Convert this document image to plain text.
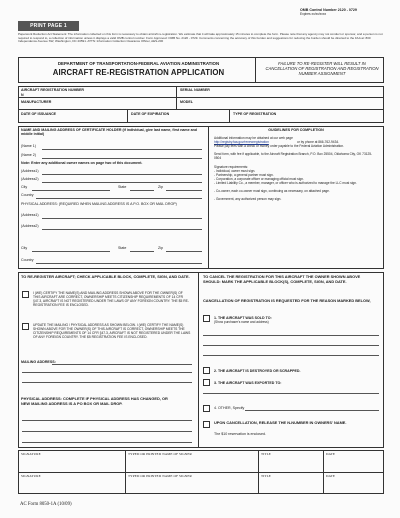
OMB Control Number 2120 - 0729
Expires xx/xx/xxxx
PRINT PAGE 1
Paperwork Reduction Act Statement: The information collected on this form is necessary to obtain aircraft re-registration. We estimate that it will take approximately 15 minutes to complete the form. Please note that any agency may not conduct or sponsor, and a person is not required to respond to, a collection of information unless it displays a valid OMB control number. Form Approved: OMB No. 2120 - 0729. Comments concerning the accuracy of this burden and suggestions for reducing the burden should be directed to the FAA at: 800 Independence Avenue SW, Washington, DC 20591. ATTN: Information Collection Clearance Officer, AES-200
DEPARTMENT OF TRANSPORTATION-FEDERAL AVIATION ADMINISTRATION
AIRCRAFT RE-REGISTRATION APPLICATION
FAILURE TO RE-REGISTER WILL RESULT IN CANCELLATION OF REGISTRATION AND REGISTRATION NUMBER ASSIGNMENT
AIRCRAFT REGISTRATION NUMBER
N
SERIAL NUMBER
MANUFACTURER	MODEL
DATE OF ISSUANCE	DATE OF EXPIRATION	TYPE OF REGISTRATION
NAME AND MAILING ADDRESS OF CERTIFICATE HOLDER (if individual, give last name, first name and middle initial)
(Name 1)
(Name 2)
Note: Enter any additional owner names on page two of this document.
(Address1)
(Address2)
City	State	Zip
Country
PHYSICAL ADDRESS: (REQUIRED WHEN MAILING ADDRESS IS A P.O. BOX OR MAIL DROP)
(Address1)
(Address2)
City	State	Zip
Country
GUIDELINES FOR COMPLETION
Additional information may be obtained at our web page
http://registry.faa.gov/renewregistration	or by phone at 866-762-9434.
Please pay fees with a check or money order payable to the Federal Aviation Administration.
Send form, with fee if applicable, to the Aircraft Registration Branch, P.O. Box 25504, Oklahoma City, OK 73125-0504
Signature requirements:
- Individual, owner must sign.
- Partnership, a general partner must sign.
- Corporation, a corporate officer or managing official must sign.
- Limited Liability Co., a member, manager, or officer who is authorized to manage the LLC must sign.
- Co-owner, each co-owner must sign, continuing as necessary, on attached page.
- Government, any authorized person may sign.
TO RE-REGISTER AIRCRAFT; CHECK APPLICABLE BLOCK, COMPLETE, SIGN, AND DATE.
I (WE) CERTIFY THE NAME(S) AND MAILING ADDRESS SHOWN ABOVE FOR THE OWNER(S) OF THIS AIRCRAFT ARE CORRECT, OWNERSHIP MEETS CITIZENSHIP REQUIREMENTS OF 14 CFR §47.3, AIRCRAFT IS NOT REGISTERED UNDER THE LAWS OF ANY FOREIGN COUNTRY. THE $5 RE-REGISTRATION FEE IS ENCLOSED.
UPDATE THE MAILING / PHYSICAL ADDRESS AS SHOWN BELOW. I (WE) CERTIFY THE NAME(S) SHOWN ABOVE FOR THE OWNER(S) OF THIS AIRCRAFT IS CORRECT, OWNERSHIP MEETS THE CITIZENSHIP REQUIREMENTS OF 14 CFR §47.3, AIRCRAFT IS NOT REGISTERED UNDER THE LAWS OF ANY FOREIGN COUNTRY. THE $5 REGISTRATION FEE IS ENCLOSED.
MAILING ADDRESS:
PHYSICAL ADDRESS: COMPLETE IF PHYSICAL ADDRESS HAS CHANGED, OR NEW MAILING ADDRESS IS A PO BOX OR MAIL DROP.
TO CANCEL THE REGISTRATION FOR THIS AIRCRAFT THE OWNER SHOWN ABOVE SHOULD: MARK THE APPLICABLE BLOCK(S), COMPLETE, SIGN, AND DATE.
CANCELLATION OF REGISTRATION IS REQUESTED FOR THE REASON MARKED BELOW,
1. THE AIRCRAFT WAS SOLD TO:
(Show purchaser's name and address)
2. THE AIRCRAFT IS DESTROYED OR SCRAPPED.
3. THE AIRCRAFT WAS EXPORTED TO:
4. OTHER, Specify
UPON CANCELLATION, RELEASE THE N-NUMBER IN OWNERS' NAME.
The $10 reservation is enclosed.
SIGNATURE	TYPED OR PRINTED NAME OF SIGNER	TITLE	DATE
SIGNATURE	TYPED OR PRINTED NAME OF SIGNER	TITLE	DATE
AC Form 8050-1A (10/09)
